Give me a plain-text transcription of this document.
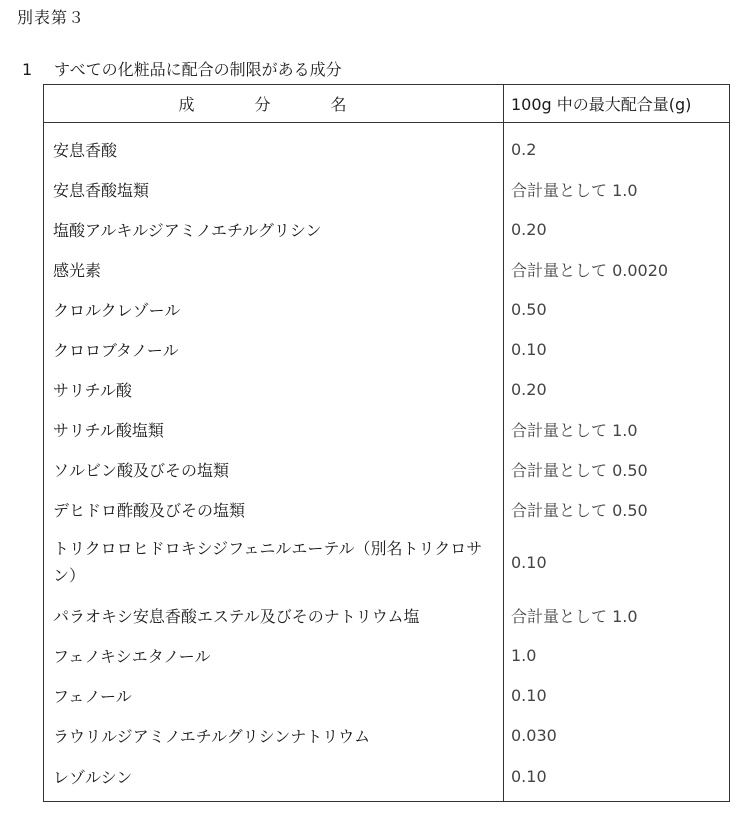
別表第３
1 すべての化粧品に配合の制限がある成分
成　分　名	100g 中の最大配合量(g)
安息香酸	0.2
安息香酸塩類	合計量として 1.0
塩酸アルキルジアミノエチルグリシン	0.20
感光素	合計量として 0.0020
クロルクレゾール	0.50
クロロブタノール	0.10
サリチル酸	0.20
サリチル酸塩類	合計量として 1.0
ソルビン酸及びその塩類	合計量として 0.50
デヒドロ酢酸及びその塩類	合計量として 0.50
トリクロロヒドロキシジフェニルエーテル（別名トリクロサン）	0.10
パラオキシ安息香酸エステル及びそのナトリウム塩	合計量として 1.0
フェノキシエタノール	1.0
フェノール	0.10
ラウリルジアミノエチルグリシンナトリウム	0.030
レゾルシン	0.10
